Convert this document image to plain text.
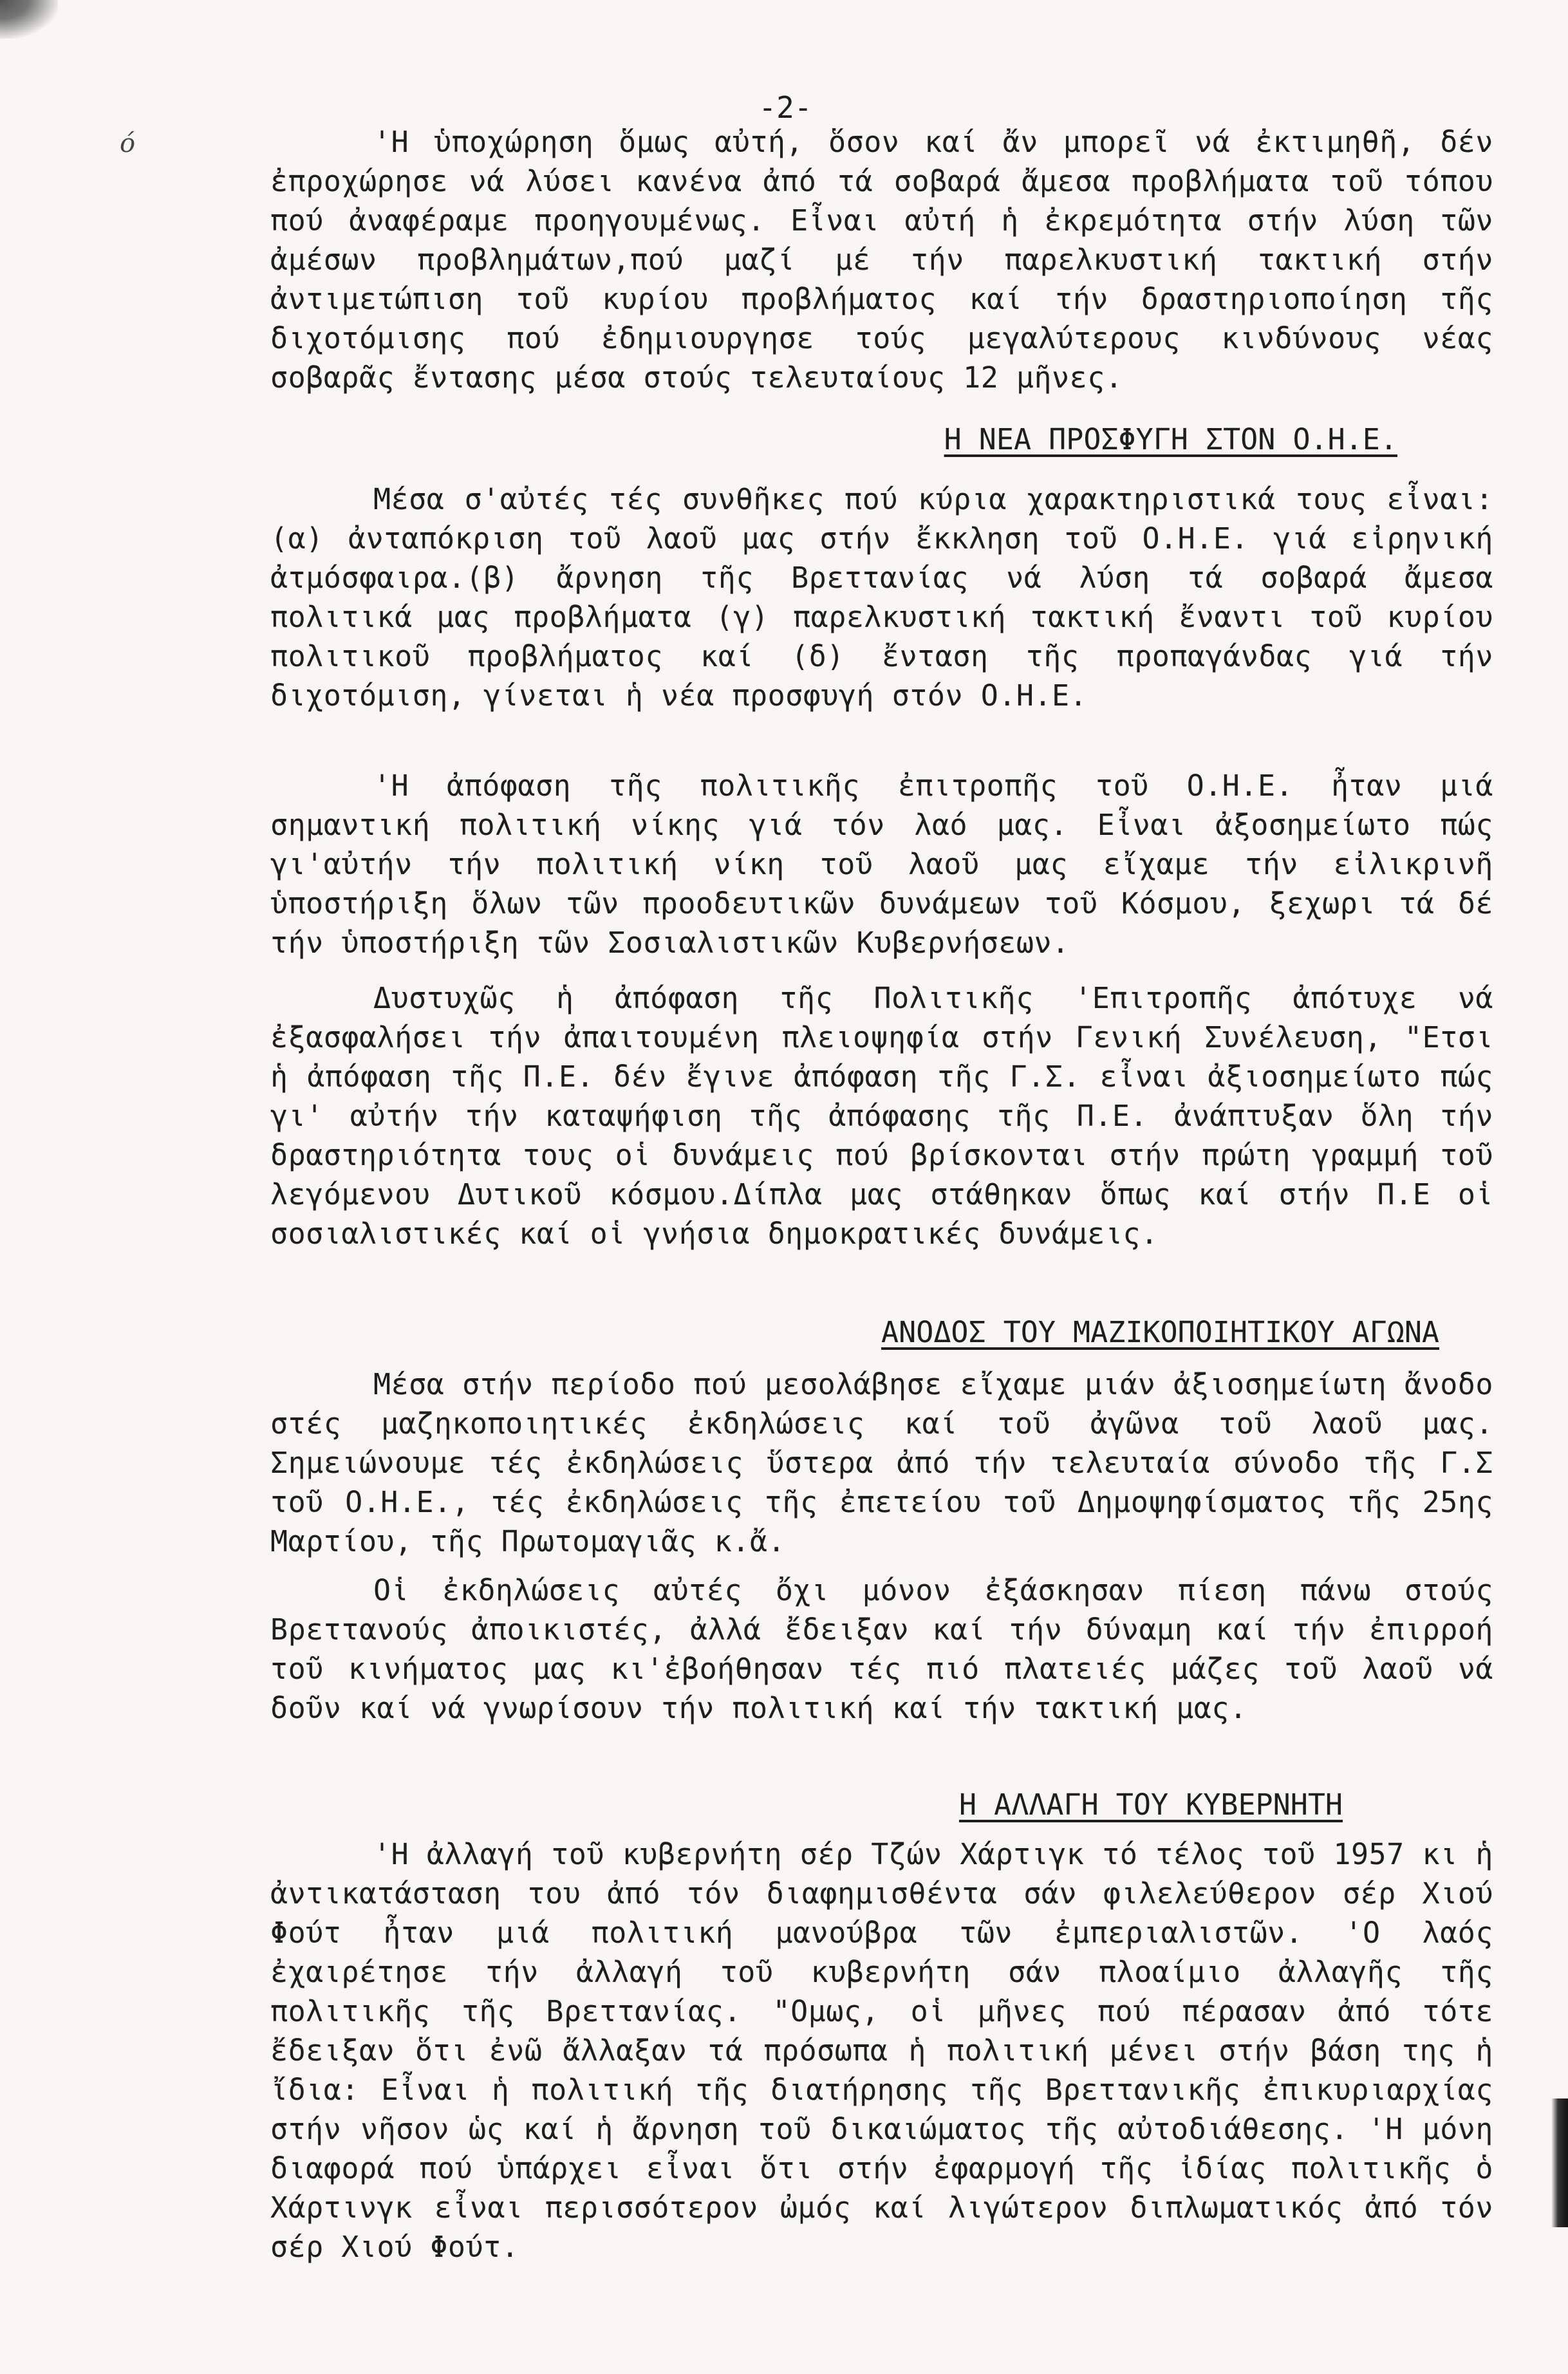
ó
-2-

'Η ὑποχώρηση ὅμως αὐτή, ὅσον καί ἄν μπορεῖ νά ἐκτιμηθῆ, δέν ἐπροχώρησε νά λύσει κανένα ἀπό τά σοβαρά ἄμεσα προβλήματα τοῦ τόπου πού ἀναφέραμε προηγουμένως. Εἶναι αὐτή ἡ ἐκρεμότητα στήν λύση τῶν ἀμέσων προβλημάτων,πού μαζί μέ τήν παρελκυστική τακτική στήν ἀντιμετώπιση τοῦ κυρίου προβλήματος καί τήν δραστηριοποίηση τῆς διχοτόμισης πού ἐδημιουργησε τούς μεγαλύτερους κινδύνους νέας σοβαρᾶς ἔντασης μέσα στούς τελευταίους 12 μῆνες.

Η ΝΕΑ ΠΡΟΣΦΥΓΗ ΣΤΟΝ Ο.Η.Ε.

Μέσα σ'αὐτές τές συνθῆκες πού κύρια χαρακτηριστικά τους εἶναι: (α) ἀνταπόκριση τοῦ λαοῦ μας στήν ἔκκληση τοῦ Ο.Η.Ε. γιά εἰρηνική ἀτμόσφαιρα.(β) ἄρνηση τῆς Βρεττανίας νά λύση τά σοβαρά ἄμεσα πολιτικά μας προβλήματα (γ) παρελκυστική τακτική ἔναντι τοῦ κυρίου πολιτικοῦ προβλήματος καί (δ) ἔνταση τῆς προπαγάνδας γιά τήν διχοτόμιση, γίνεται ἡ νέα προσφυγή στόν Ο.Η.Ε.

'Η ἀπόφαση τῆς πολιτικῆς ἐπιτροπῆς τοῦ Ο.Η.Ε. ἦταν μιά σημαντική πολιτική νίκης γιά τόν λαό μας. Εἶναι ἀξοσημείωτο πώς γι'αὐτήν τήν πολιτική νίκη τοῦ λαοῦ μας εἴχαμε τήν εἰλικρινῆ ὑποστήριξη ὅλων τῶν προοδευτικῶν δυνάμεων τοῦ Κόσμου, ξεχωρι τά δέ τήν ὑποστήριξη τῶν Σοσιαλιστικῶν Κυβερνήσεων.

Δυστυχῶς ἡ ἀπόφαση τῆς Πολιτικῆς 'Επιτροπῆς ἀπότυχε νά ἐξασφαλήσει τήν ἀπαιτουμένη πλειοψηφία στήν Γενική Συνέλευση, "Ετσι ἡ ἀπόφαση τῆς Π.Ε. δέν ἔγινε ἀπόφαση τῆς Γ.Σ. εἶναι ἀξιοσημείωτο πώς γι' αὐτήν τήν καταψήφιση τῆς ἀπόφασης τῆς Π.Ε. ἀνάπτυξαν ὅλη τήν δραστηριότητα τους οἱ δυνάμεις πού βρίσκονται στήν πρώτη γραμμή τοῦ λεγόμενου Δυτικοῦ κόσμου.Δίπλα μας στάθηκαν ὅπως καί στήν Π.Ε οἱ σοσιαλιστικές καί οἱ γνήσια δημοκρατικές δυνάμεις.

ΑΝΟΔΟΣ ΤΟΥ ΜΑΖΙΚΟΠΟΙΗΤΙΚΟΥ ΑΓΩΝΑ

Μέσα στήν περίοδο πού μεσολάβησε εἴχαμε μιάν ἀξιοσημείωτη ἄνοδο στές μαζηκοποιητικές ἐκδηλώσεις καί τοῦ ἀγῶνα τοῦ λαοῦ μας. Σημειώνουμε τές ἐκδηλώσεις ὕστερα ἀπό τήν τελευταία σύνοδο τῆς Γ.Σ τοῦ Ο.Η.Ε., τές ἐκδηλώσεις τῆς ἐπετείου τοῦ Δημοψηφίσματος τῆς 25ης Μαρτίου, τῆς Πρωτομαγιᾶς κ.ἄ.

Οἱ ἐκδηλώσεις αὐτές ὄχι μόνον ἐξάσκησαν πίεση πάνω στούς Βρεττανούς ἀποικιστές, ἀλλά ἔδειξαν καί τήν δύναμη καί τήν ἐπιρροή τοῦ κινήματος μας κι'ἐβοήθησαν τές πιό πλατειές μάζες τοῦ λαοῦ νά δοῦν καί νά γνωρίσουν τήν πολιτική καί τήν τακτική μας.

Η ΑΛΛΑΓΗ ΤΟΥ ΚΥΒΕΡΝΗΤΗ

'Η ἀλλαγή τοῦ κυβερνήτη σέρ Τζών Χάρτιγκ τό τέλος τοῦ 1957 κι ἡ ἀντικατάσταση του ἀπό τόν διαφημισθέντα σάν φιλελεύθερον σέρ Χιού Φούτ ἦταν μιά πολιτική μανούβρα τῶν ἐμπεριαλιστῶν. 'Ο λαός ἐχαιρέτησε τήν ἀλλαγή τοῦ κυβερνήτη σάν πλοαίμιο ἀλλαγῆς τῆς πολιτικῆς τῆς Βρεττανίας. "Ομως, οἱ μῆνες πού πέρασαν ἀπό τότε ἔδειξαν ὅτι ἐνῶ ἄλλαξαν τά πρόσωπα ἡ πολιτική μένει στήν βάση της ἡ ἴδια: Εἶναι ἡ πολιτική τῆς διατήρησης τῆς Βρεττανικῆς ἐπικυριαρχίας στήν νῆσον ὡς καί ἡ ἄρνηση τοῦ δικαιώματος τῆς αὐτοδιάθεσης. 'Η μόνη διαφορά πού ὑπάρχει εἶναι ὅτι στήν ἐφαρμογή τῆς ἰδίας πολιτικῆς ὁ Χάρτινγκ εἶναι περισσότερον ὠμός καί λιγώτερον διπλωματικός ἀπό τόν σέρ Χιού Φούτ.
